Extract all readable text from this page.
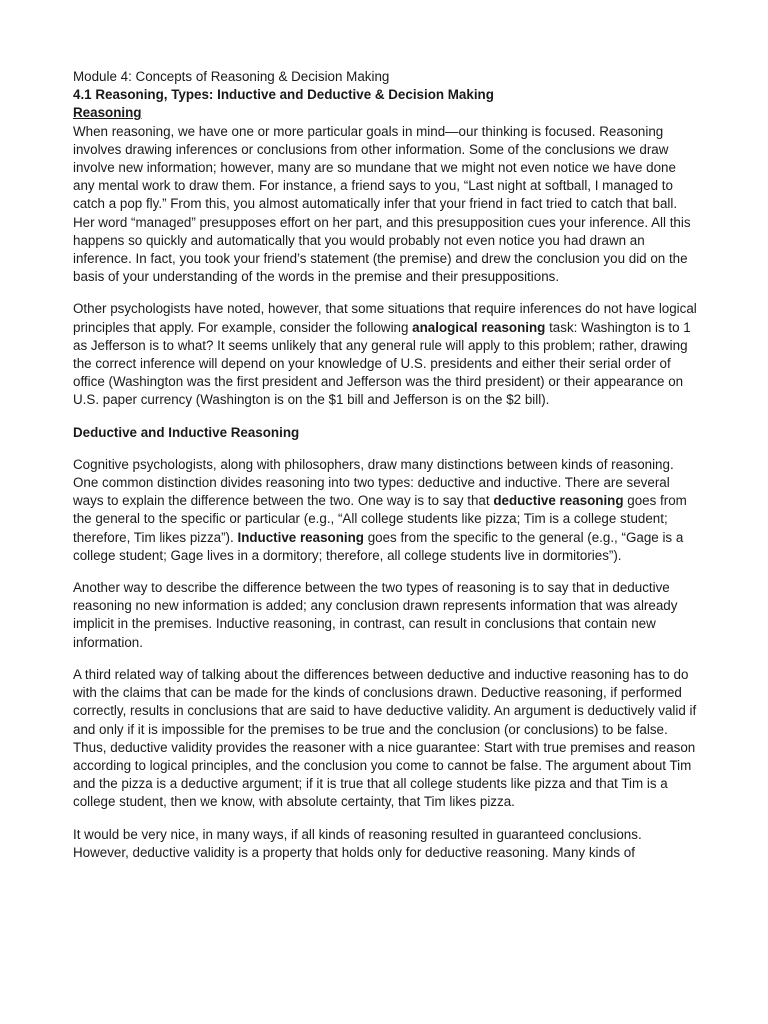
Module 4: Concepts of Reasoning & Decision Making
4.1 Reasoning, Types: Inductive and Deductive & Decision Making
Reasoning

When reasoning, we have one or more particular goals in mind—our thinking is focused. Reasoning involves drawing inferences or conclusions from other information. Some of the conclusions we draw involve new information; however, many are so mundane that we might not even notice we have done any mental work to draw them. For instance, a friend says to you, “Last night at softball, I managed to catch a pop fly.” From this, you almost automatically infer that your friend in fact tried to catch that ball. Her word “managed” presupposes effort on her part, and this presupposition cues your inference. All this happens so quickly and automatically that you would probably not even notice you had drawn an inference. In fact, you took your friend’s statement (the premise) and drew the conclusion you did on the basis of your understanding of the words in the premise and their presuppositions.

Other psychologists have noted, however, that some situations that require inferences do not have logical principles that apply. For example, consider the following analogical reasoning task: Washington is to 1 as Jefferson is to what? It seems unlikely that any general rule will apply to this problem; rather, drawing the correct inference will depend on your knowledge of U.S. presidents and either their serial order of office (Washington was the first president and Jefferson was the third president) or their appearance on U.S. paper currency (Washington is on the $1 bill and Jefferson is on the $2 bill).

Deductive and Inductive Reasoning

Cognitive psychologists, along with philosophers, draw many distinctions between kinds of reasoning. One common distinction divides reasoning into two types: deductive and inductive. There are several ways to explain the difference between the two. One way is to say that deductive reasoning goes from the general to the specific or particular (e.g., “All college students like pizza; Tim is a college student; therefore, Tim likes pizza”). Inductive reasoning goes from the specific to the general (e.g., “Gage is a college student; Gage lives in a dormitory; therefore, all college students live in dormitories”).

Another way to describe the difference between the two types of reasoning is to say that in deductive reasoning no new information is added; any conclusion drawn represents information that was already implicit in the premises. Inductive reasoning, in contrast, can result in conclusions that contain new information.

A third related way of talking about the differences between deductive and inductive reasoning has to do with the claims that can be made for the kinds of conclusions drawn. Deductive reasoning, if performed correctly, results in conclusions that are said to have deductive validity. An argument is deductively valid if and only if it is impossible for the premises to be true and the conclusion (or conclusions) to be false. Thus, deductive validity provides the reasoner with a nice guarantee: Start with true premises and reason according to logical principles, and the conclusion you come to cannot be false. The argument about Tim and the pizza is a deductive argument; if it is true that all college students like pizza and that Tim is a college student, then we know, with absolute certainty, that Tim likes pizza.

It would be very nice, in many ways, if all kinds of reasoning resulted in guaranteed conclusions. However, deductive validity is a property that holds only for deductive reasoning. Many kinds of
